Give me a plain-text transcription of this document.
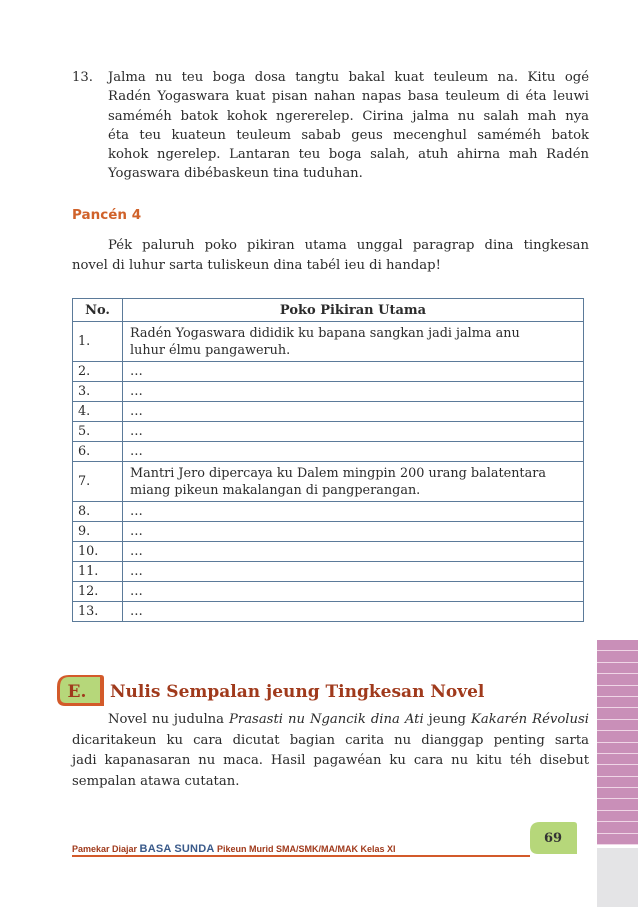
13. Jalma nu teu boga dosa tangtu bakal kuat teuleum na. Kitu ogé
Radén Yogaswara kuat pisan nahan napas basa teuleum di éta leuwi
saméméh batok kohok ngererelep. Cirina jalma nu salah mah nya
éta teu kuateun teuleum sabab geus mecenghul saméméh batok
kohok ngerelep. Lantaran teu boga salah, atuh ahirna mah Radén
Yogaswara dibébaskeun tina tuduhan.
Pancén 4
Pék paluruh poko pikiran utama unggal paragrap dina tingkesan
novel di luhur sarta tuliskeun dina tabél ieu di handap!
No.	Poko Pikiran Utama
1.	Radén Yogaswara dididik ku bapana sangkan jadi jalma anu
luhur élmu pangaweruh.

2.	…
3.	…
4.	…
5.	…
6.	…
7.	Mantri Jero dipercaya ku Dalem mingpin 200 urang balatentara
miang pikeun makalangan di pangperangan.

8.	…
9.	…
10.	…
11.	…
12.	…
13.	…
E. Nulis Sempalan jeung Tingkesan Novel
Novel nu judulna Prasasti nu Ngancik dina Ati jeung Kakarén Révolusi
dicaritakeun ku cara dicutat bagian carita nu dianggap penting sarta
jadi kapanasaran nu maca. Hasil pagawéan ku cara nu kitu téh disebut
sempalan atawa cutatan.
69
Pamekar Diajar BASA SUNDA Pikeun Murid SMA/SMK/MA/MAK Kelas XI
